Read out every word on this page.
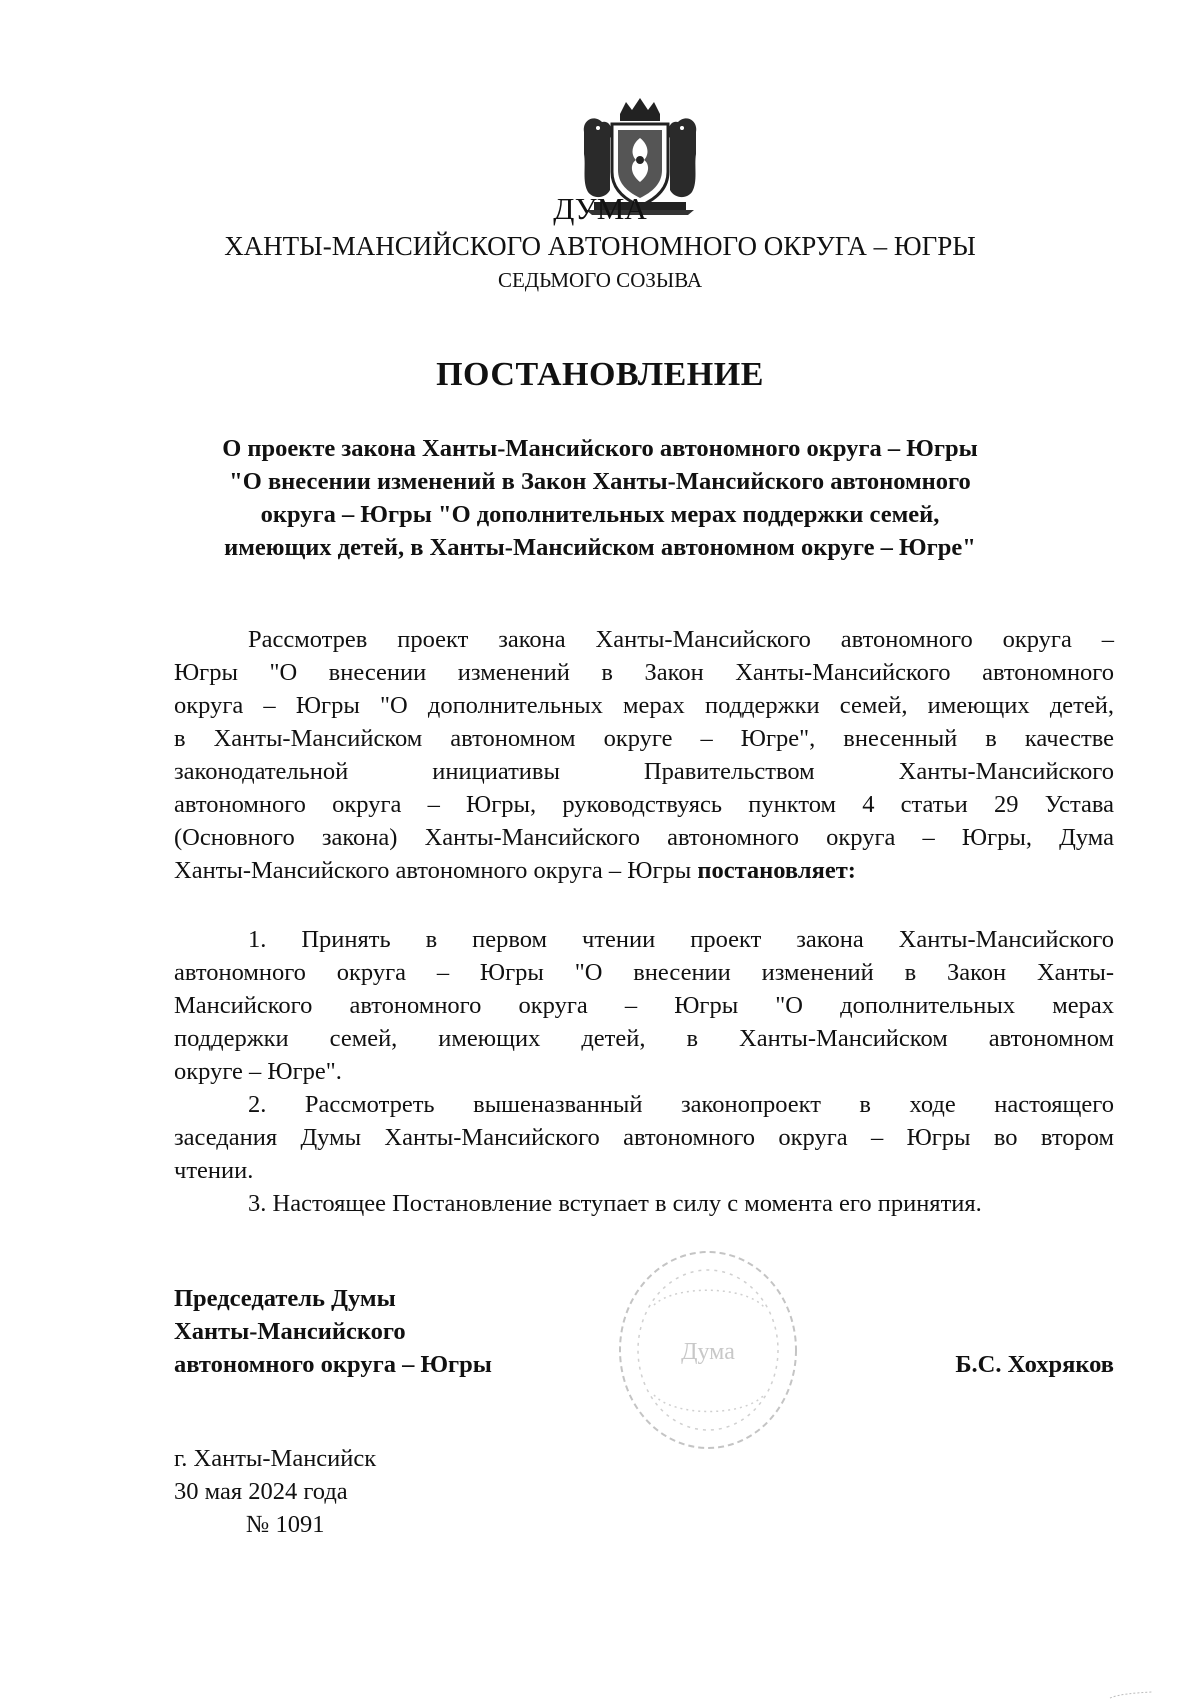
ДУМА
ХАНТЫ-МАНСИЙСКОГО АВТОНОМНОГО ОКРУГА – ЮГРЫ
СЕДЬМОГО СОЗЫВА
ПОСТАНОВЛЕНИЕ
О проекте закона Ханты-Мансийского автономного округа – Югры
"О внесении изменений в Закон Ханты-Мансийского автономного
округа – Югры "О дополнительных мерах поддержки семей,
имеющих детей, в Ханты-Мансийском автономном округе – Югре"
Рассмотрев проект закона Ханты-Мансийского автономного округа –
Югры "О внесении изменений в Закон Ханты-Мансийского автономного
округа – Югры "О дополнительных мерах поддержки семей, имеющих детей,
в Ханты-Мансийском автономном округе – Югре", внесенный в качестве
законодательной инициативы Правительством Ханты-Мансийского
автономного округа – Югры, руководствуясь пунктом 4 статьи 29 Устава
(Основного закона) Ханты-Мансийского автономного округа – Югры, Дума
Ханты-Мансийского автономного округа – Югры постановляет:
1. Принять в первом чтении проект закона Ханты-Мансийского
автономного округа – Югры "О внесении изменений в Закон Ханты-
Мансийского автономного округа – Югры "О дополнительных мерах
поддержки семей, имеющих детей, в Ханты-Мансийском автономном
округе – Югре".
2. Рассмотреть вышеназванный законопроект в ходе настоящего
заседания Думы Ханты-Мансийского автономного округа – Югры во втором
чтении.
3. Настоящее Постановление вступает в силу с момента его принятия.
Председатель Думы
Ханты-Мансийского
автономного округа – Югры	Дума	Б.С. Хохряков
г. Ханты-Мансийск
30 мая 2024 года
№ 1091
